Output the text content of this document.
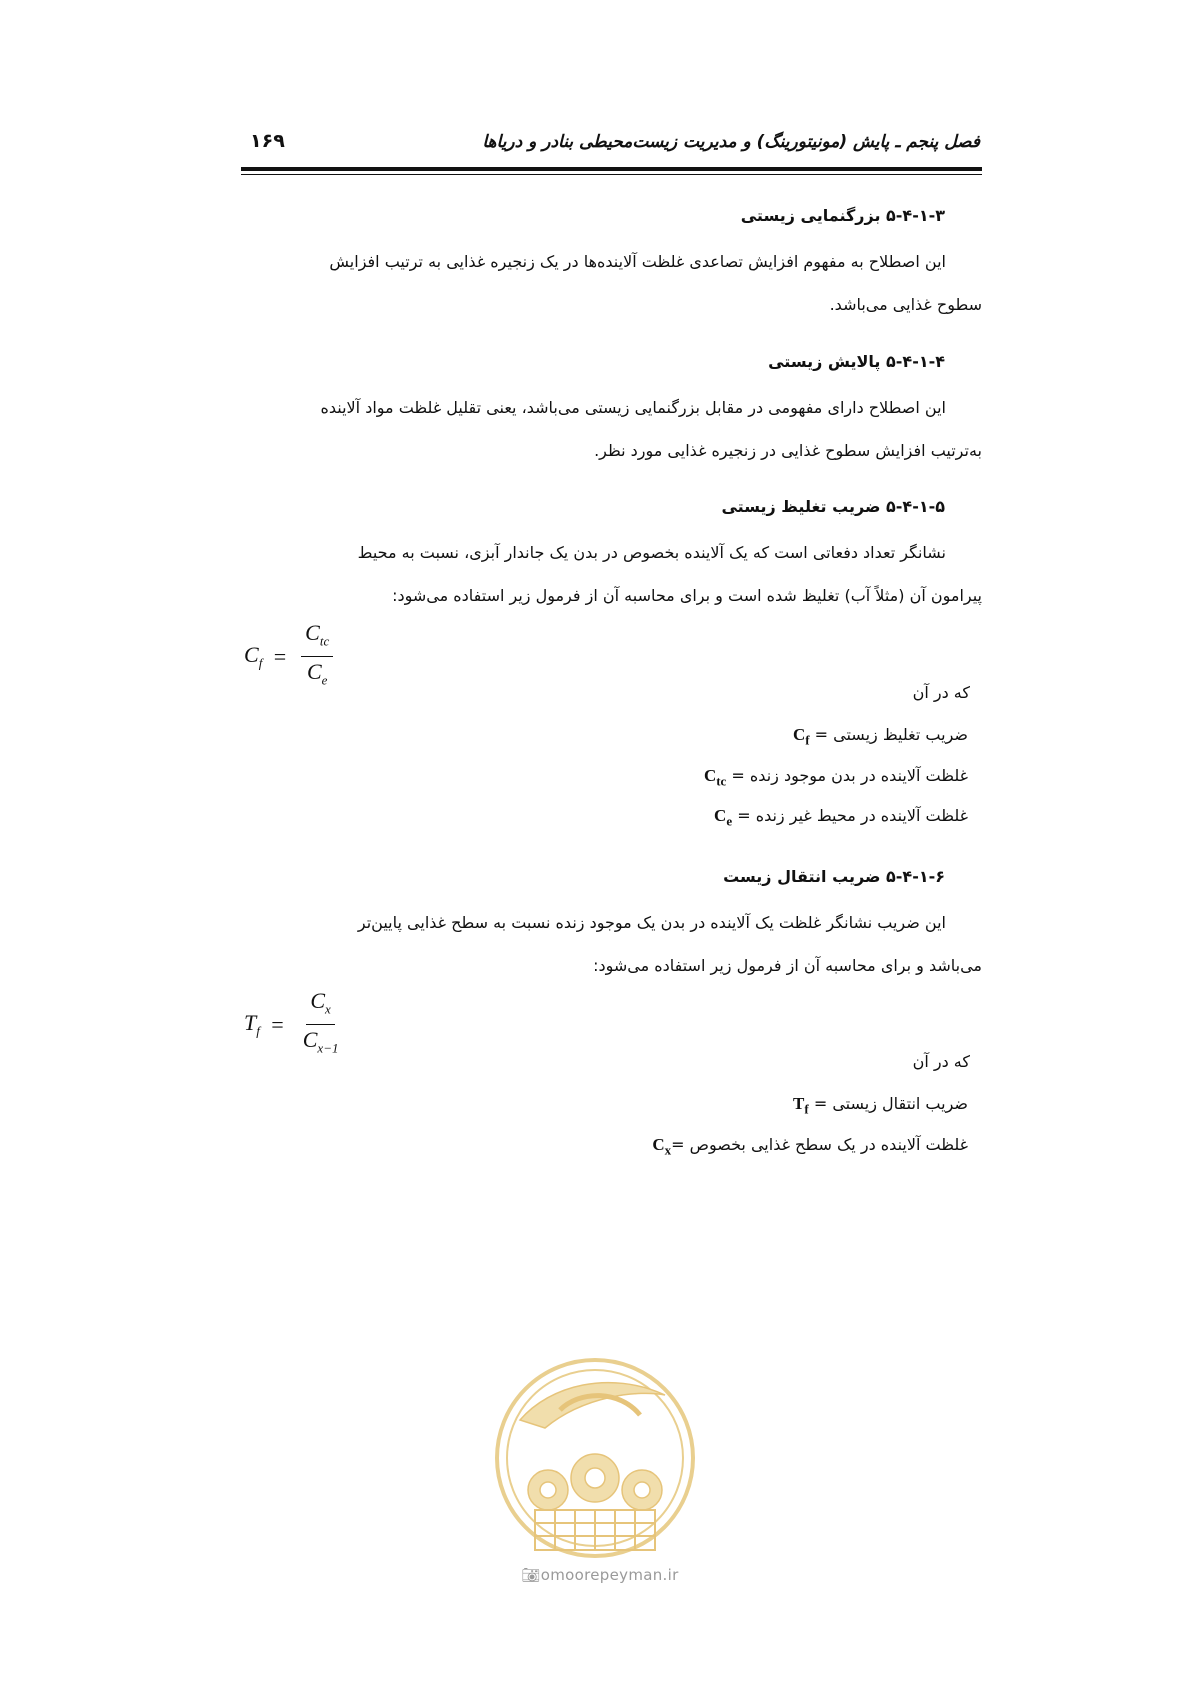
فصل پنجم ـ پایش (مونیتورینگ) و مدیریت زیست‌محیطی بنادر و دریاها
۱۶۹
۵-۴-۱-۳ بزرگنمایی زیستی
این اصطلاح به مفهوم افزایش تصاعدی غلظت آلاینده‌ها در یک زنجیره غذایی به ترتیب افزایش
سطوح غذایی می‌باشد.
۵-۴-۱-۴ پالایش زیستی
این اصطلاح دارای مفهومی در مقابل بزرگنمایی زیستی می‌باشد، یعنی تقلیل غلظت مواد آلاینده
به‌ترتیب افزایش سطوح غذایی در زنجیره غذایی مورد نظر.
۵-۴-۱-۵ ضریب تغلیظ زیستی
نشانگر تعداد دفعاتی است که یک آلاینده بخصوص در بدن یک جاندار آبزی، نسبت به محیط
پیرامون آن (مثلاً آب) تغلیظ شده است و برای محاسبه آن از فرمول زیر استفاده می‌شود:
$C_f = \frac{C_{tc}}{C_e}$	که در آن
ضریب تغلیظ زیستی = $C_f$
غلظت آلاینده در بدن موجود زنده = $C_{tc}$
غلظت آلاینده در محیط غیر زنده = $C_e$
۵-۴-۱-۶ ضریب انتقال زیست
این ضریب نشانگر غلظت یک آلاینده در بدن یک موجود زنده نسبت به سطح غذایی پایین‌تر
می‌باشد و برای محاسبه آن از فرمول زیر استفاده می‌شود:
$T_f = \frac{C_x}{C_{x-1}}$	که در آن
ضریب انتقال زیستی = $T_f$
غلظت آلاینده در یک سطح غذایی بخصوص $=C_x$
📷︎omoorepeyman.ir
